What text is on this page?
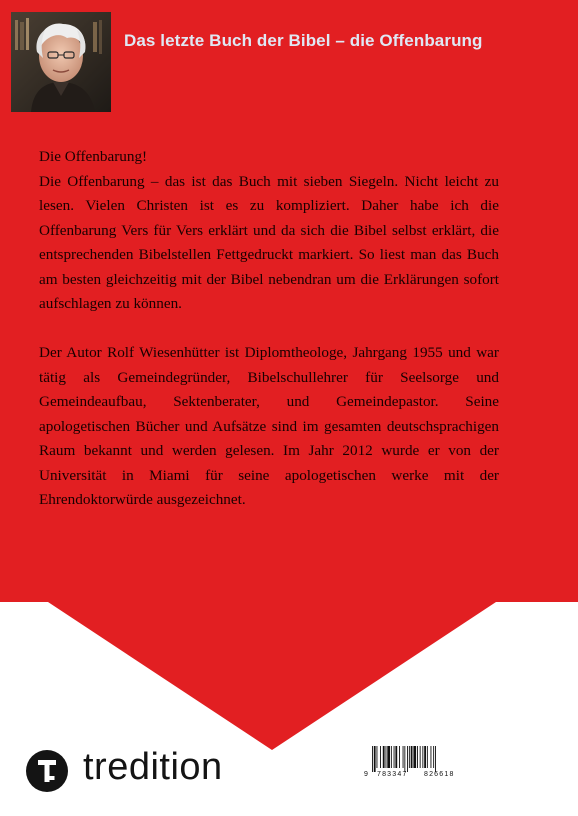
Das letzte Buch der Bibel – die Offenbarung

Die Offenbarung!

Die Offenbarung – das ist das Buch mit sieben Siegeln. Nicht leicht zu lesen. Vielen Christen ist es zu kompliziert. Daher habe ich die Offenbarung Vers für Vers erklärt und da sich die Bibel selbst erklärt, die entsprechenden Bibelstellen Fettgedruckt markiert. So liest man das Buch am besten gleichzeitig mit der Bibel nebendran um die Erklärungen sofort aufschlagen zu können.

Der Autor Rolf Wiesenhütter ist Diplomtheologe, Jahrgang 1955 und war tätig als Gemeindegründer, Bibelschullehrer für Seelsorge und Gemeindeaufbau, Sektenberater, und Gemeindepastor. Seine apologetischen Bücher und Aufsätze sind im gesamten deutschsprachigen Raum bekannt und werden gelesen. Im Jahr 2012 wurde er von der Universität in Miami für seine apologetischen werke mit der Ehrendoktorwürde ausgezeichnet.

tredition	9 783347 826618
